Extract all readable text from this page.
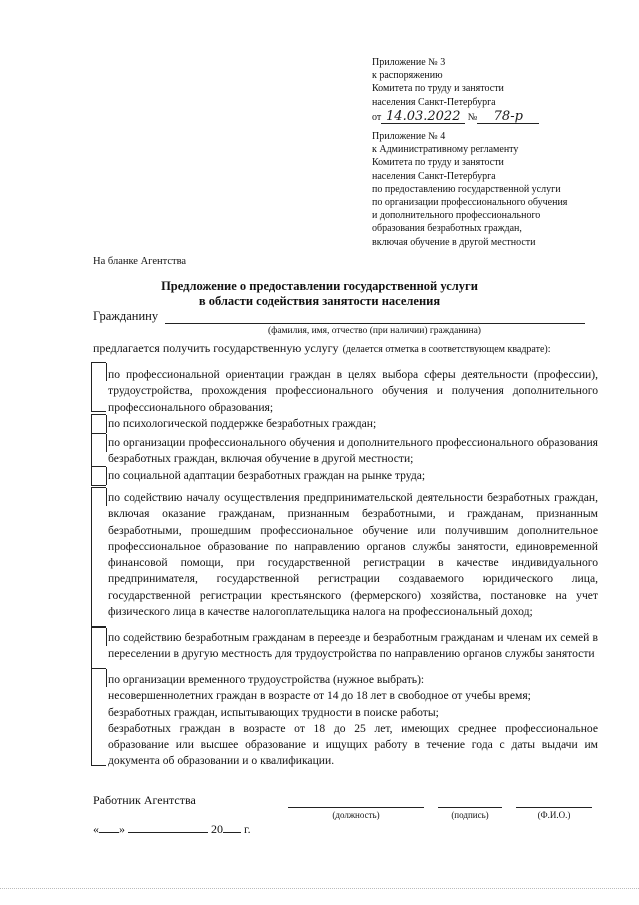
Приложение № 3
к распоряжению
Комитета по труду и занятости
населения Санкт-Петербурга
от 14.03.2022 № 78-р
Приложение № 4
к Административному регламенту
Комитета по труду и занятости
населения Санкт-Петербурга
по предоставлению государственной услуги
по организации профессионального обучения
и дополнительного профессионального
образования безработных граждан,
включая обучение в другой местности
На бланке Агентства
Предложение о предоставлении государственной услуги
в области содействия занятости населения
Гражданину
(фамилия, имя, отчество (при наличии) гражданина)
предлагается получить государственную услугу (делается отметка в соответствующем квадрате):
по профессиональной ориентации граждан в целях выбора сферы деятельности (профессии), трудоустройства, прохождения профессионального обучения и получения дополнительного профессионального образования;
по психологической поддержке безработных граждан;
по организации профессионального обучения и дополнительного профессионального образования безработных граждан, включая обучение в другой местности;
по социальной адаптации безработных граждан на рынке труда;
по содействию началу осуществления предпринимательской деятельности безработных граждан, включая оказание гражданам, признанным безработными, и гражданам, признанным безработными, прошедшим профессиональное обучение или получившим дополнительное профессиональное образование по направлению органов службы занятости, единовременной финансовой помощи, при государственной регистрации в качестве индивидуального предпринимателя, государственной регистрации создаваемого юридического лица, государственной регистрации крестьянского (фермерского) хозяйства, постановке на учет физического лица в качестве налогоплательщика налога на профессиональный доход;
по содействию безработным гражданам в переезде и безработным гражданам и членам их семей в переселении в другую местность для трудоустройства по направлению органов службы занятости
по организации временного трудоустройства (нужное выбрать):
несовершеннолетних граждан в возрасте от 14 до 18 лет в свободное от учебы время;
безработных граждан, испытывающих трудности в поиске работы;
безработных граждан в возрасте от 18 до 25 лет, имеющих среднее профессиональное образование или высшее образование и ищущих работу в течение года с даты выдачи им документа об образовании и о квалификации.
Работник Агентства
(должность)	(подпись)	(Ф.И.О.)
« »	20 г.
